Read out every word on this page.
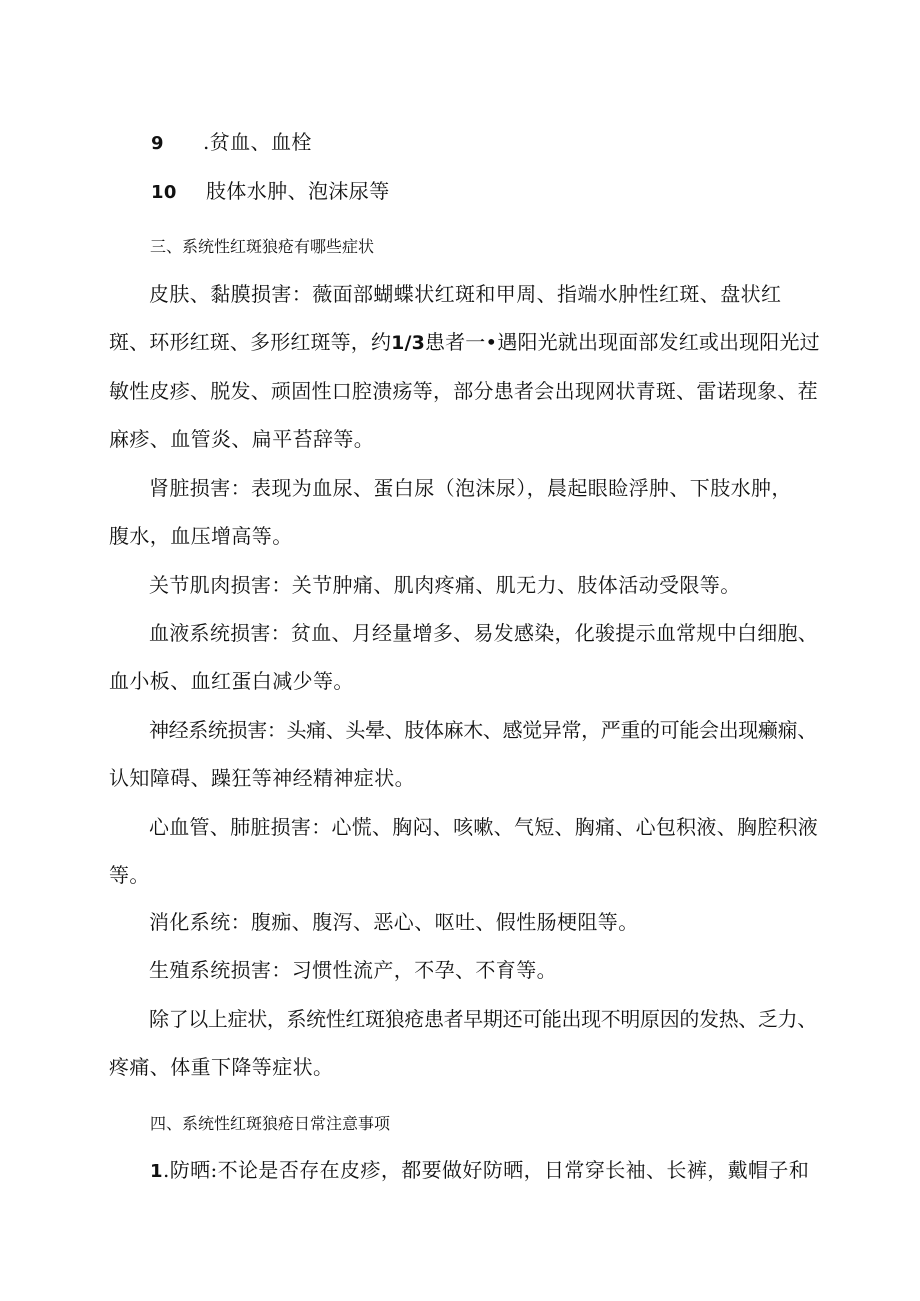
9 .贫血、血栓
10 肢体水肿、泡沫尿等
三、系统性红斑狼疮有哪些症状
皮肤、黏膜损害：薇面部蝴蝶状红斑和甲周、指端水肿性红斑、盘状红
斑、环形红斑、多形红斑等，约1/3患者一•遇阳光就出现面部发红或出现阳光过
敏性皮疹、脱发、顽固性口腔溃疡等，部分患者会出现网状青斑、雷诺现象、茬
麻疹、血管炎、扁平苔辞等。
肾脏损害：表现为血尿、蛋白尿（泡沫尿），晨起眼睑浮肿、下肢水肿，
腹水，血压增高等。
关节肌肉损害：关节肿痛、肌肉疼痛、肌无力、肢体活动受限等。
血液系统损害：贫血、月经量增多、易发感染，化骏提示血常规中白细胞、
血小板、血红蛋白减少等。
神经系统损害：头痛、头晕、肢体麻木、感觉异常，严重的可能会出现癞痫、
认知障碍、躁狂等神经精神症状。
心血管、肺脏损害：心慌、胸闷、咳嗽、气短、胸痛、心包积液、胸腔积液
等。
消化系统：腹痂、腹泻、恶心、呕吐、假性肠梗阻等。
生殖系统损害：习惯性流产，不孕、不育等。
除了以上症状，系统性红斑狼疮患者早期还可能出现不明原因的发热、乏力、
疼痛、体重下降等症状。
四、系统性红斑狼疮日常注意事项
1.防晒:不论是否存在皮疹，都要做好防晒，日常穿长袖、长裤，戴帽子和
